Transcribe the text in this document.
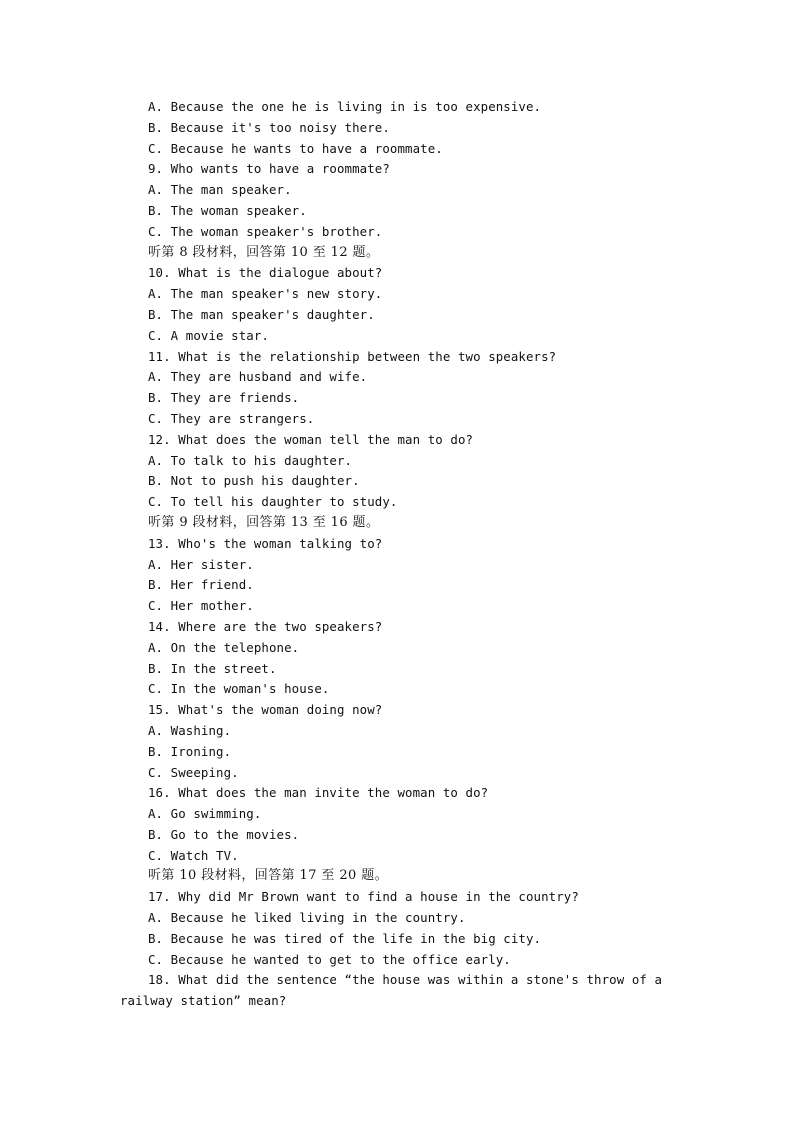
A. Because the one he is living in is too expensive.
B. Because it's too noisy there.
C. Because he wants to have a roommate.
9. Who wants to have a roommate?
A. The man speaker.
B. The woman speaker.
C. The woman speaker's brother.
听第 8 段材料，回答第 10 至 12 题。
10. What is the dialogue about?
A. The man speaker's new story.
B. The man speaker's daughter.
C. A movie star.
11. What is the relationship between the two speakers?
A. They are husband and wife.
B. They are friends.
C. They are strangers.
12. What does the woman tell the man to do?
A. To talk to his daughter.
B. Not to push his daughter.
C. To tell his daughter to study.
听第 9 段材料，回答第 13 至 16 题。
13. Who's the woman talking to?
A. Her sister.
B. Her friend.
C. Her mother.
14. Where are the two speakers?
A. On the telephone.
B. In the street.
C. In the woman's house.
15. What's the woman doing now?
A. Washing.
B. Ironing.
C. Sweeping.
16. What does the man invite the woman to do?
A. Go swimming.
B. Go to the movies.
C. Watch TV.
听第 10 段材料，回答第 17 至 20 题。
17. Why did Mr Brown want to find a house in the country?
A. Because he liked living in the country.
B. Because he was tired of the life in the big city.
C. Because he wanted to get to the office early.
18. What did the sentence “the house was within a stone's throw of a railway station” mean?
